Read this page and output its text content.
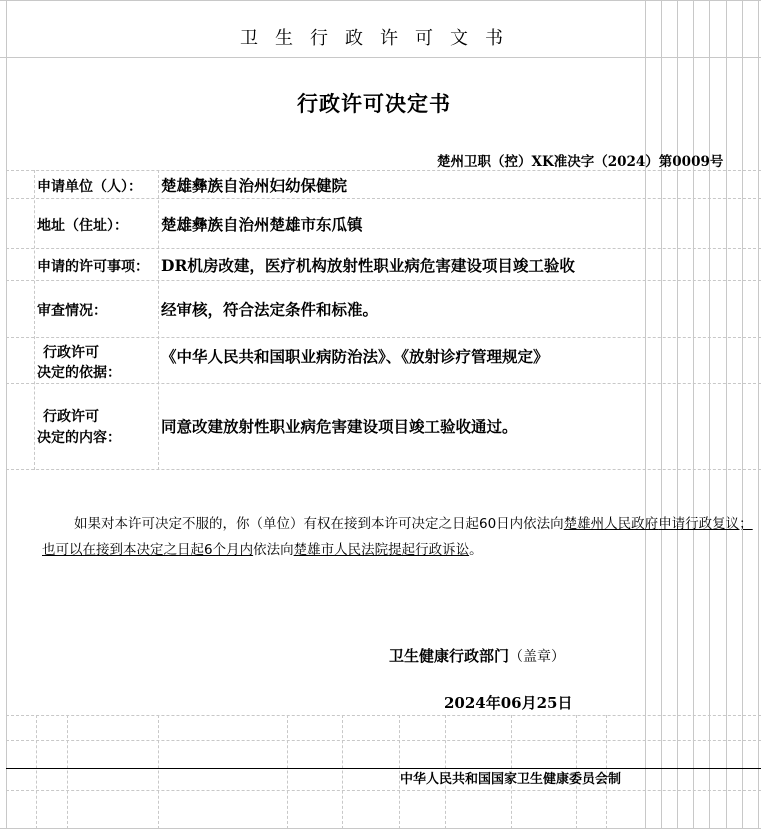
卫生行政许可文书
行政许可决定书
楚州卫职（控）XK准决字（2024）第0009号
申请单位（人）： 楚雄彝族自治州妇幼保健院
地址（住址）： 楚雄彝族自治州楚雄市东瓜镇
申请的许可事项： DR机房改建，医疗机构放射性职业病危害建设项目竣工验收
审查情况：	经审核，符合法定条件和标准。
行政许可
决定的依据：
《中华人民共和国职业病防治法》、《放射诊疗管理规定》
行政许可
决定的内容：
同意改建放射性职业病危害建设项目竣工验收通过。
如果对本许可决定不服的，你（单位）有权在接到本许可决定之日起60日内依法向楚雄州人民政府申请行政复议；也可以在接到本决定之日起6个月内依法向楚雄市人民法院提起行政诉讼。
卫生健康行政部门（盖章）
2024年06月25日
中华人民共和国国家卫生健康委员会制
